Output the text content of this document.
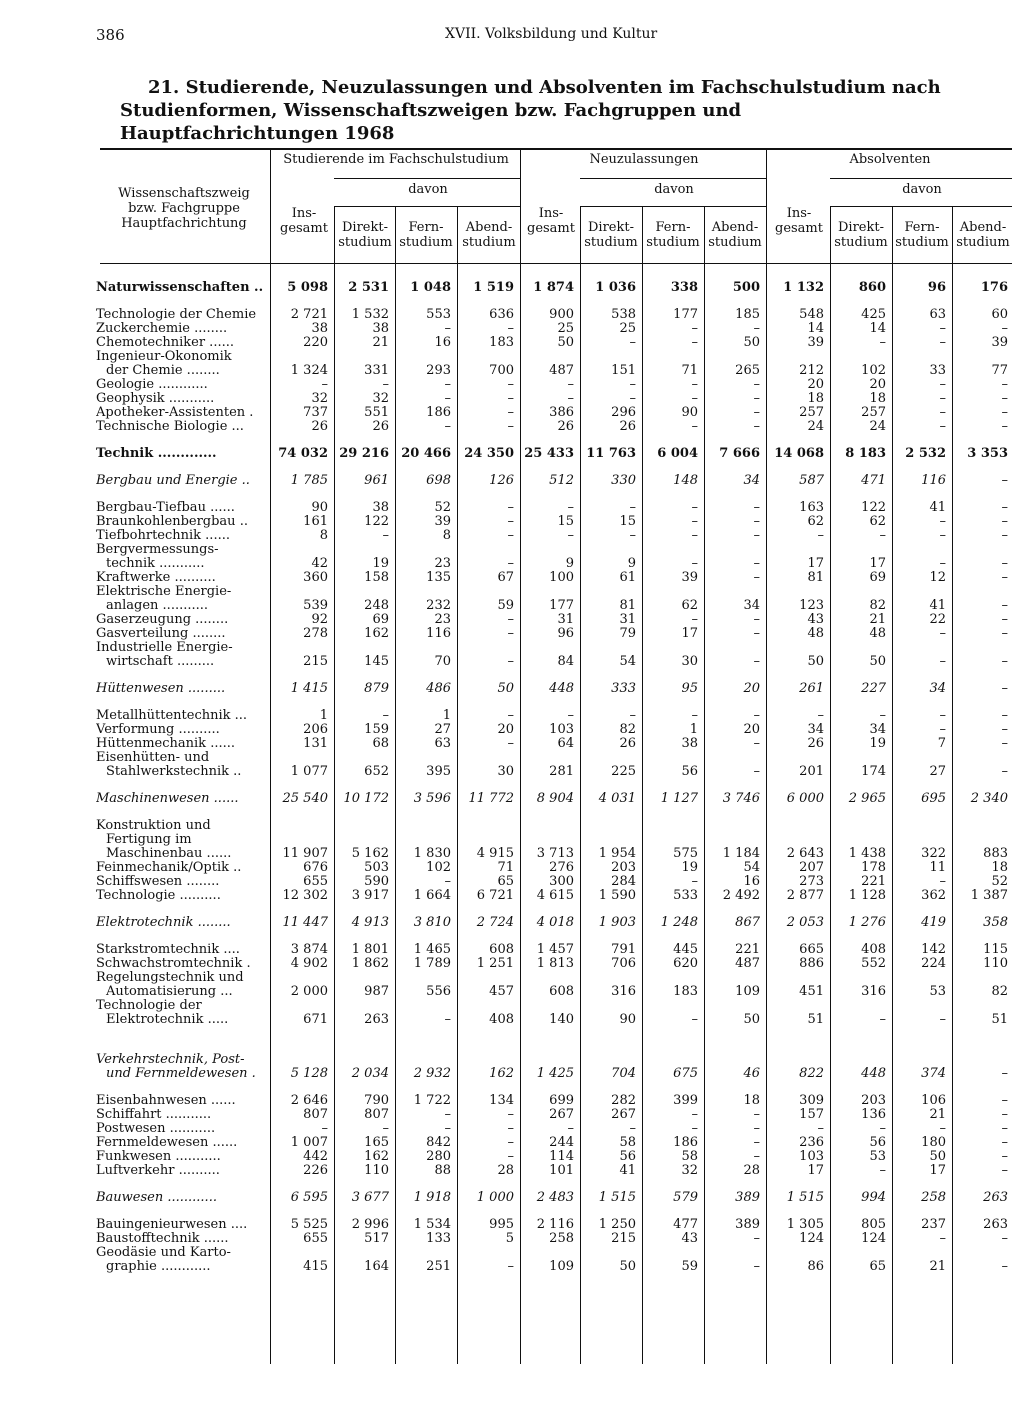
386	XVII. Volksbildung und Kultur
21. Studierende, Neuzulassungen und Absolventen im Fachschulstudium nach Studienformen, Wissenschaftszweigen bzw. Fachgruppen und Hauptfachrichtungen 1968
Wissenschaftszweig bzw. Fachgruppe Hauptfachrichtung
Studierende im Fachschulstudium	Neuzulassungen	Absolventen
davon	davon	davon
Ins- gesamt
Ins- gesamt
Ins- gesamt
Direkt- studium
Fern- studium
Abend- studium
Direkt- studium
Fern- studium
Abend- studium
Direkt- studium
Fern- studium
Abend- studium
Naturwissenschaften ..	5 098	2 531	1 048	1 519	1 874	1 036	338	500	1 132	860	96	176

Technologie der Chemie	2 721	1 532	553	636	900	538	177	185	548	425	63	60
Zuckerchemie ........	38	38	–	–	25	25	–	–	14	14	–	–
Chemotechniker ......	220	21	16	183	50	–	–	50	39	–	–	39
Ingenieur-Ökonomik												
der Chemie ........	1 324	331	293	700	487	151	71	265	212	102	33	77
Geologie ............	–	–	–	–	–	–	–	–	20	20	–	–
Geophysik ...........	32	32	–	–	–	–	–	–	18	18	–	–
Apotheker-Assistenten .	737	551	186	–	386	296	90	–	257	257	–	–
Technische Biologie ...	26	26	–	–	26	26	–	–	24	24	–	–

Technik .............	74 032	29 216	20 466	24 350	25 433	11 763	6 004	7 666	14 068	8 183	2 532	3 353

Bergbau und Energie ..	1 785	961	698	126	512	330	148	34	587	471	116	–

Bergbau-Tiefbau ......	90	38	52	–	–	–	–	–	163	122	41	–
Braunkohlenbergbau ..	161	122	39	–	15	15	–	–	62	62	–	–
Tiefbohrtechnik ......	8	–	8	–	–	–	–	–	–	–	–	–
Bergvermessungs-												
technik ...........	42	19	23	–	9	9	–	–	17	17	–	–
Kraftwerke ..........	360	158	135	67	100	61	39	–	81	69	12	–
Elektrische Energie-												
anlagen ...........	539	248	232	59	177	81	62	34	123	82	41	–
Gaserzeugung ........	92	69	23	–	31	31	–	–	43	21	22	–
Gasverteilung ........	278	162	116	–	96	79	17	–	48	48	–	–
Industrielle Energie-												
wirtschaft .........	215	145	70	–	84	54	30	–	50	50	–	–

Hüttenwesen .........	1 415	879	486	50	448	333	95	20	261	227	34	–

Metallhüttentechnik ...	1	–	1	–	–	–	–	–	–	–	–	–
Verformung ..........	206	159	27	20	103	82	1	20	34	34	–	–
Hüttenmechanik ......	131	68	63	–	64	26	38	–	26	19	7	–
Eisenhütten- und												
Stahlwerkstechnik ..	1 077	652	395	30	281	225	56	–	201	174	27	–

Maschinenwesen ......	25 540	10 172	3 596	11 772	8 904	4 031	1 127	3 746	6 000	2 965	695	2 340

Konstruktion und												
Fertigung im												
Maschinenbau ......	11 907	5 162	1 830	4 915	3 713	1 954	575	1 184	2 643	1 438	322	883
Feinmechanik/Optik ..	676	503	102	71	276	203	19	54	207	178	11	18
Schiffswesen ........	655	590	–	65	300	284	–	16	273	221	–	52
Technologie ..........	12 302	3 917	1 664	6 721	4 615	1 590	533	2 492	2 877	1 128	362	1 387

Elektrotechnik ........	11 447	4 913	3 810	2 724	4 018	1 903	1 248	867	2 053	1 276	419	358

Starkstromtechnik ....	3 874	1 801	1 465	608	1 457	791	445	221	665	408	142	115
Schwachstromtechnik .	4 902	1 862	1 789	1 251	1 813	706	620	487	886	552	224	110
Regelungstechnik und												
Automatisierung ...	2 000	987	556	457	608	316	183	109	451	316	53	82
Technologie der												
Elektrotechnik .....	671	263	–	408	140	90	–	50	51	–	–	51

Verkehrstechnik, Post-												
und Fernmeldewesen .	5 128	2 034	2 932	162	1 425	704	675	46	822	448	374	–

Eisenbahnwesen ......	2 646	790	1 722	134	699	282	399	18	309	203	106	–
Schiffahrt ...........	807	807	–	–	267	267	–	–	157	136	21	–
Postwesen ...........	–	–	–	–	–	–	–	–	–	–	–	–
Fernmeldewesen ......	1 007	165	842	–	244	58	186	–	236	56	180	–
Funkwesen ...........	442	162	280	–	114	56	58	–	103	53	50	–
Luftverkehr ..........	226	110	88	28	101	41	32	28	17	–	17	–

Bauwesen ............	6 595	3 677	1 918	1 000	2 483	1 515	579	389	1 515	994	258	263

Bauingenieurwesen ....	5 525	2 996	1 534	995	2 116	1 250	477	389	1 305	805	237	263
Baustofftechnik ......	655	517	133	5	258	215	43	–	124	124	–	–
Geodäsie und Karto-												
graphie ............	415	164	251	–	109	50	59	–	86	65	21	–
